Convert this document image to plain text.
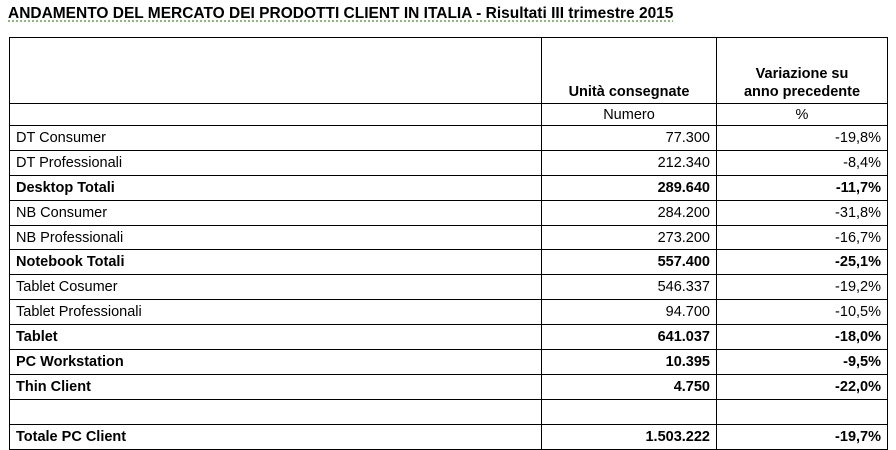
ANDAMENTO DEL MERCATO DEI PRODOTTI CLIENT IN ITALIA - Risultati III trimestre 2015
	Unità consegnate	Variazione su
anno precedente
	Numero	%
DT Consumer	77.300	-19,8%
DT Professionali	212.340	-8,4%
Desktop Totali	289.640	-11,7%
NB Consumer	284.200	-31,8%
NB Professionali	273.200	-16,7%
Notebook Totali	557.400	-25,1%
Tablet Cosumer	546.337	-19,2%
Tablet Professionali	94.700	-10,5%
Tablet	641.037	-18,0%
PC Workstation	10.395	-9,5%
Thin Client	4.750	-22,0%

Totale PC Client	1.503.222	-19,7%
